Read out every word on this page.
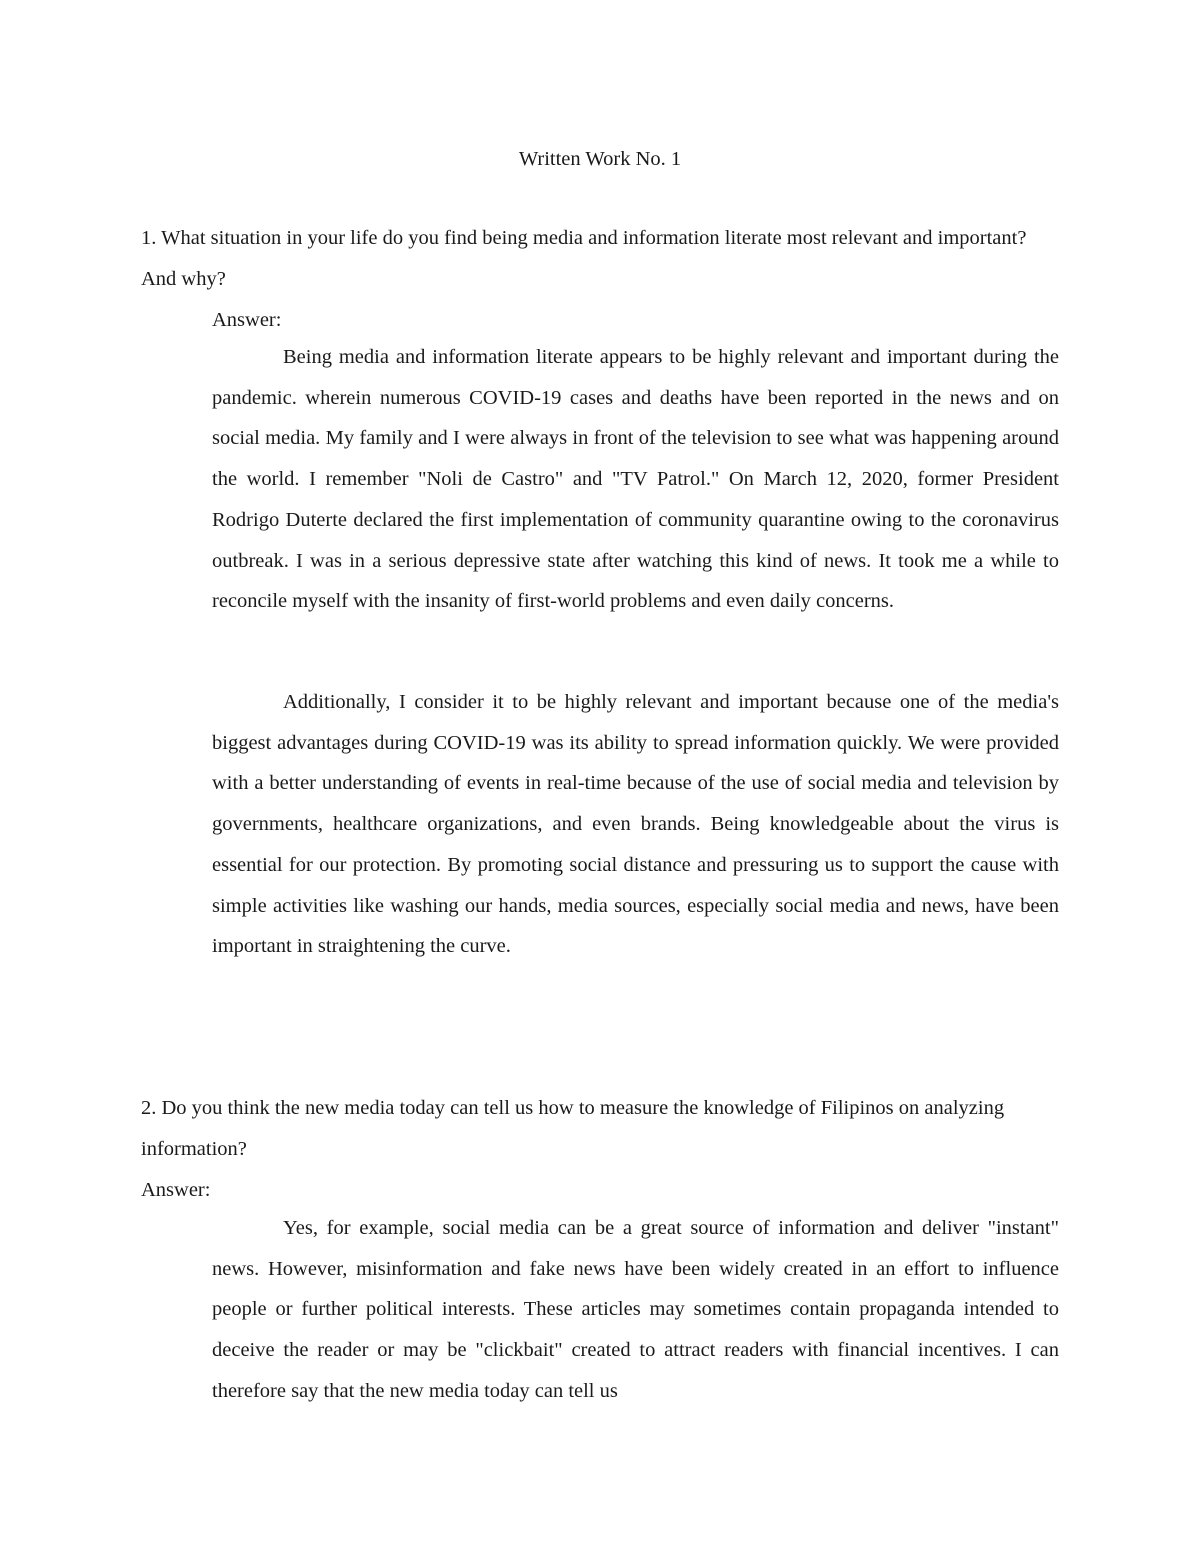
Written Work No. 1
1. What situation in your life do you find being media and information literate most relevant and important? And why?
Answer:
Being media and information literate appears to be highly relevant and important during the pandemic. wherein numerous COVID-19 cases and deaths have been reported in the news and on social media. My family and I were always in front of the television to see what was happening around the world. I remember "Noli de Castro" and "TV Patrol." On March 12, 2020, former President Rodrigo Duterte declared the first implementation of community quarantine owing to the coronavirus outbreak. I was in a serious depressive state after watching this kind of news. It took me a while to reconcile myself with the insanity of first-world problems and even daily concerns.
Additionally, I consider it to be highly relevant and important because one of the media's biggest advantages during COVID-19 was its ability to spread information quickly. We were provided with a better understanding of events in real-time because of the use of social media and television by governments, healthcare organizations, and even brands. Being knowledgeable about the virus is essential for our protection. By promoting social distance and pressuring us to support the cause with simple activities like washing our hands, media sources, especially social media and news, have been important in straightening the curve.
2. Do you think the new media today can tell us how to measure the knowledge of Filipinos on analyzing information?
Answer:
Yes, for example, social media can be a great source of information and deliver "instant" news. However, misinformation and fake news have been widely created in an effort to influence people or further political interests. These articles may sometimes contain propaganda intended to deceive the reader or may be "clickbait" created to attract readers with financial incentives. I can therefore say that the new media today can tell us
